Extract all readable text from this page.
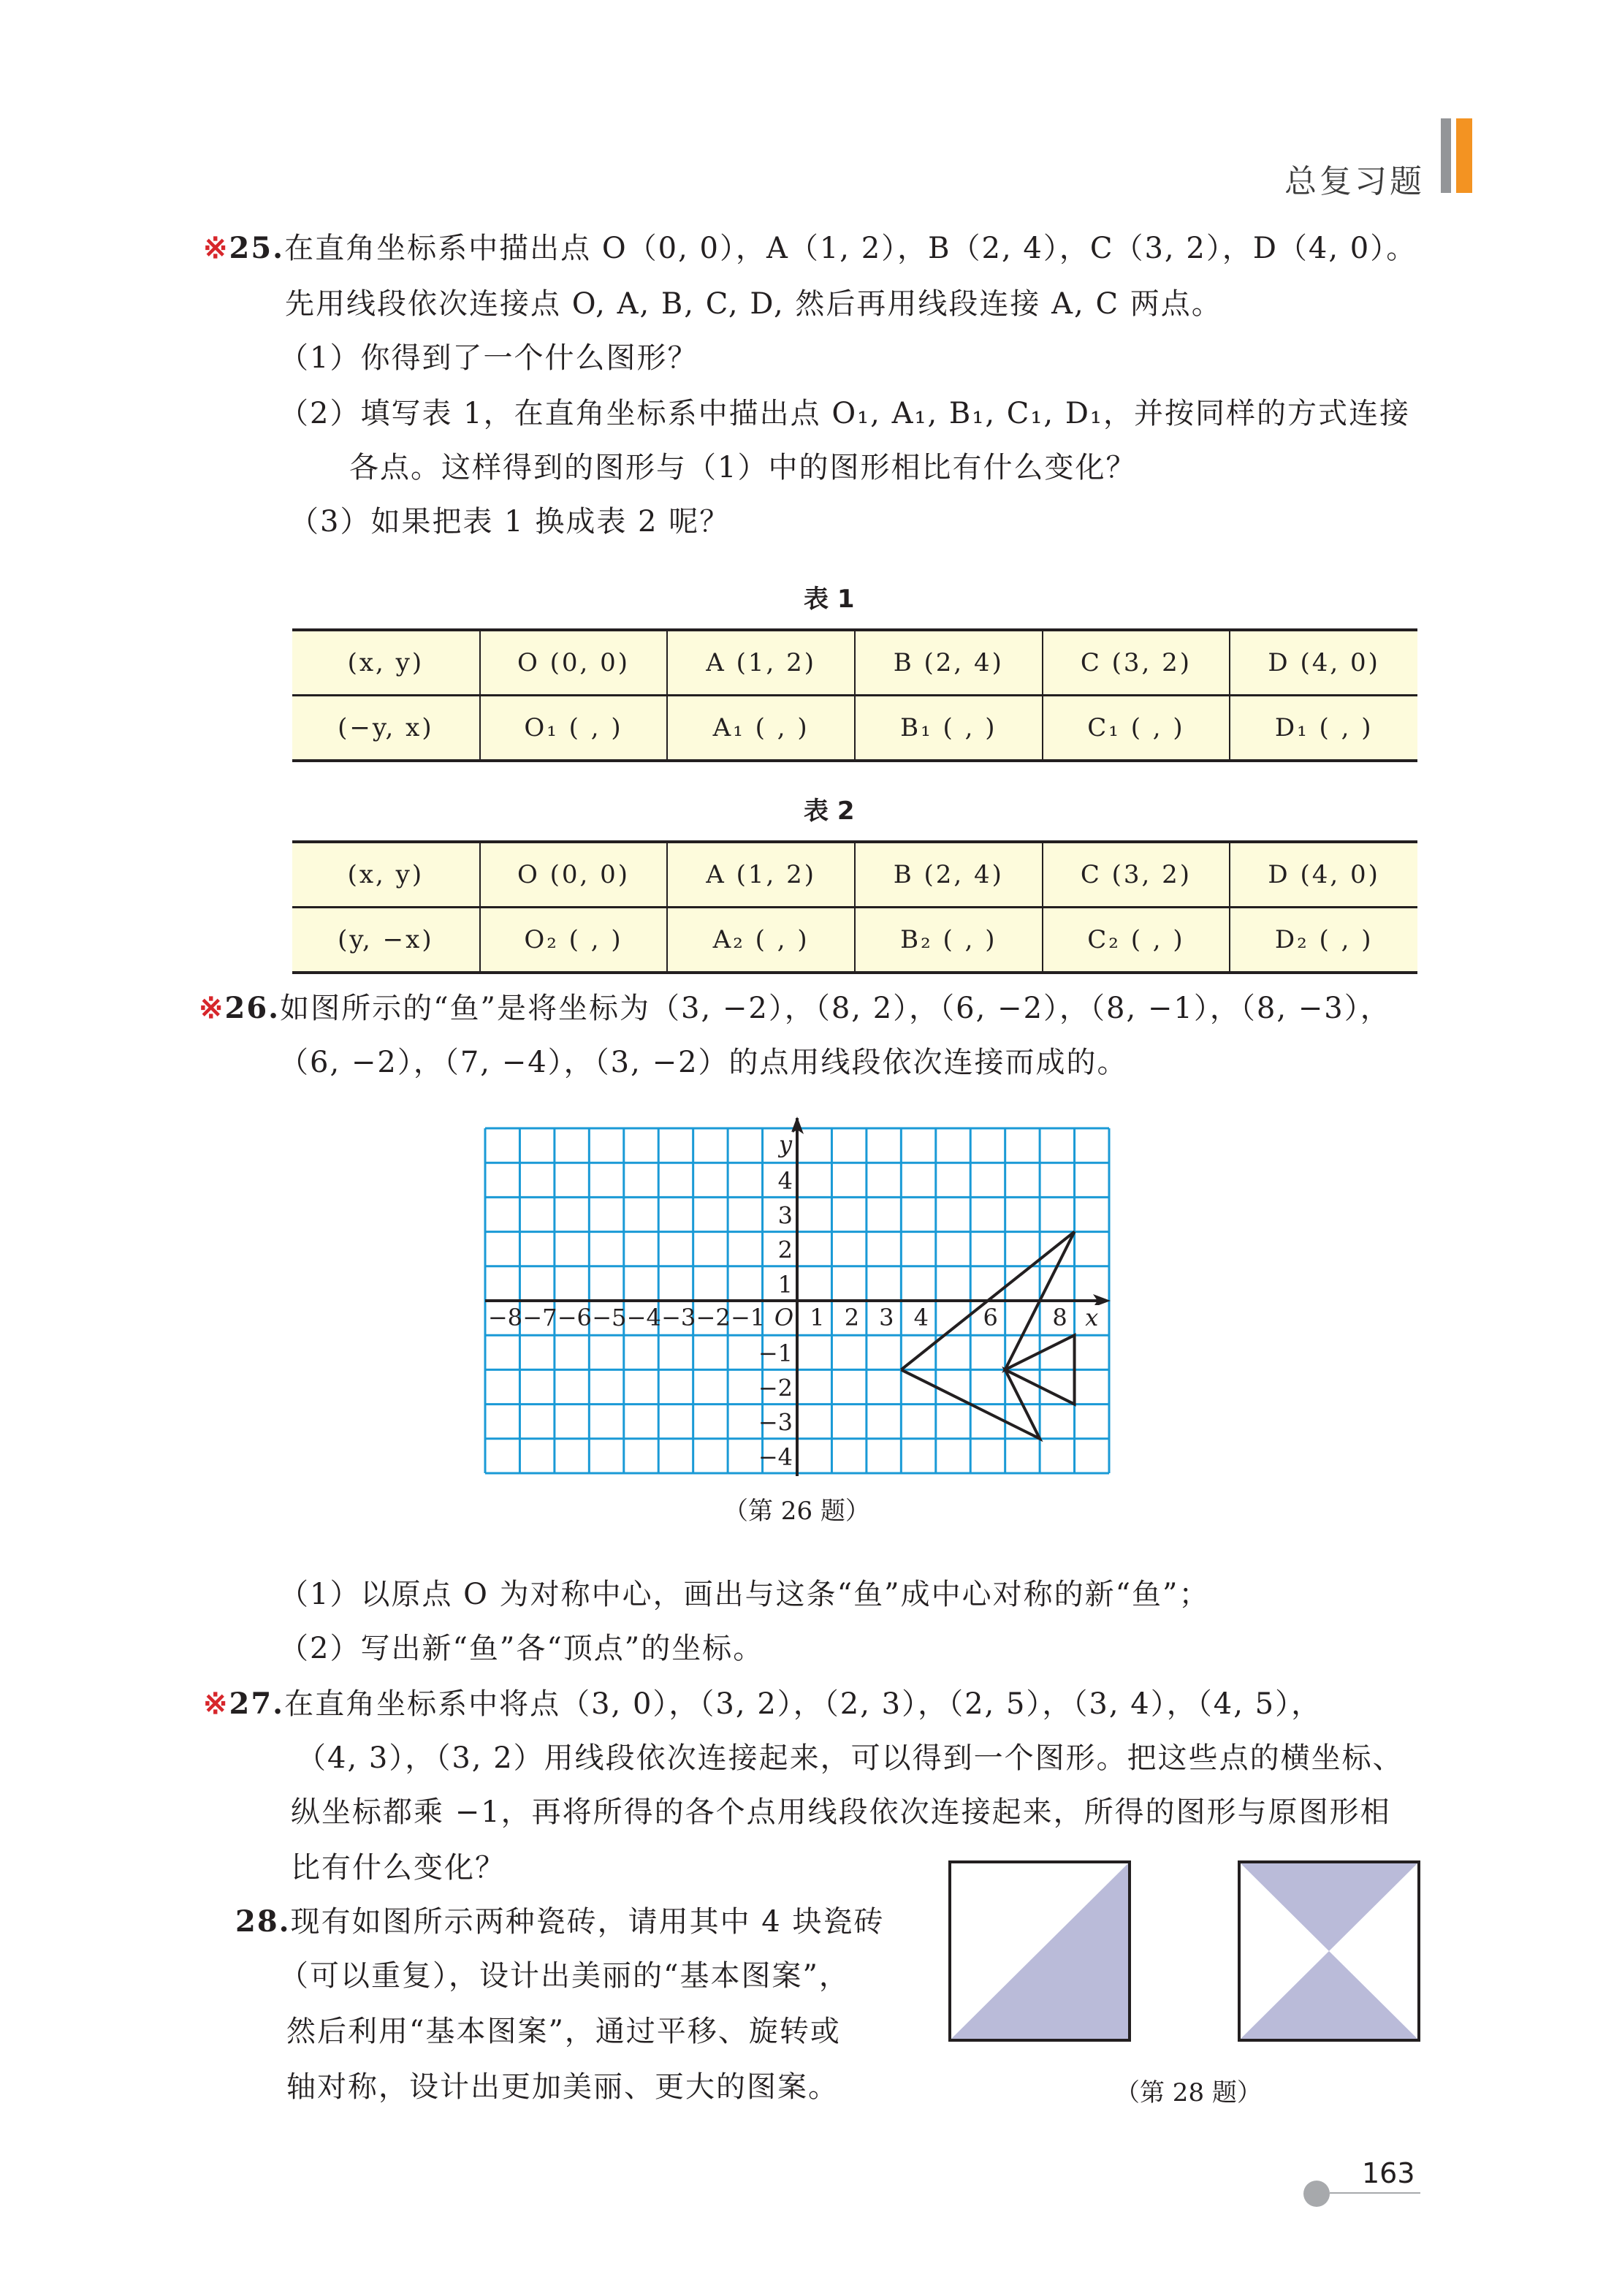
总复习题
※25.在直角坐标系中描出点 O（0, 0），A（1, 2），B（2, 4），C（3, 2），D（4, 0）。
先用线段依次连接点 O, A, B, C, D, 然后再用线段连接 A, C 两点。
（1）你得到了一个什么图形？
（2）填写表 1，在直角坐标系中描出点 O₁, A₁, B₁, C₁, D₁，并按同样的方式连接
各点。这样得到的图形与（1）中的图形相比有什么变化？
（3）如果把表 1 换成表 2 呢？
表 1
(x, y)	O (0, 0)	A (1, 2)	B (2, 4)	C (3, 2)	D (4, 0)
(−y, x)	O₁ ( , )	A₁ ( , )	B₁ ( , )	C₁ ( , )	D₁ ( , )
表 2
(x, y)	O (0, 0)	A (1, 2)	B (2, 4)	C (3, 2)	D (4, 0)
(y, −x)	O₂ ( , )	A₂ ( , )	B₂ ( , )	C₂ ( , )	D₂ ( , )
※26.如图所示的“鱼”是将坐标为（3, −2），（8, 2），（6, −2），（8, −1），（8, −3），
（6, −2），（7, −4），（3, −2）的点用线段依次连接而成的。
−8 −7 −6 −5 −4 −3 −2 −1 1 2 3 4 6 8
4
3
2
1
−1
−2
−3
−4
O	x
y
（第 26 题）
（1）以原点 O 为对称中心，画出与这条“鱼”成中心对称的新“鱼”；
（2）写出新“鱼”各“顶点”的坐标。
※27.在直角坐标系中将点（3, 0），（3, 2），（2, 3），（2, 5），（3, 4），（4, 5），
（4, 3），（3, 2）用线段依次连接起来，可以得到一个图形。把这些点的横坐标、
纵坐标都乘 −1，再将所得的各个点用线段依次连接起来，所得的图形与原图形相
比有什么变化？
28.现有如图所示两种瓷砖，请用其中 4 块瓷砖
（可以重复），设计出美丽的“基本图案”，
然后利用“基本图案”，通过平移、旋转或
轴对称，设计出更加美丽、更大的图案。	（第 28 题）
163
